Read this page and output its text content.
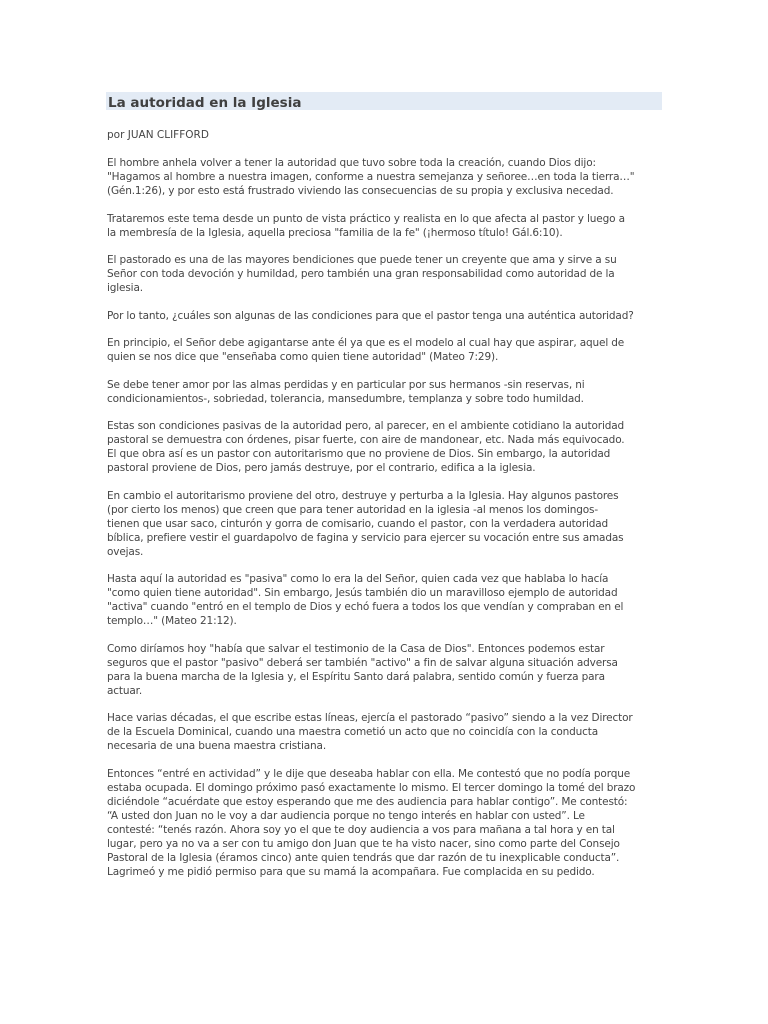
La autoridad en la Iglesia
por JUAN CLIFFORD
El hombre anhela volver a tener la autoridad que tuvo sobre toda la creación, cuando Dios dijo:
"Hagamos al hombre a nuestra imagen, conforme a nuestra semejanza y señoree…en toda la tierra…"
(Gén.1:26), y por esto está frustrado viviendo las consecuencias de su propia y exclusiva necedad.
Trataremos este tema desde un punto de vista práctico y realista en lo que afecta al pastor y luego a
la membresía de la Iglesia, aquella preciosa "familia de la fe" (¡hermoso título! Gál.6:10).
El pastorado es una de las mayores bendiciones que puede tener un creyente que ama y sirve a su
Señor con toda devoción y humildad, pero también una gran responsabilidad como autoridad de la
iglesia.
Por lo tanto, ¿cuáles son algunas de las condiciones para que el pastor tenga una auténtica autoridad?
En principio, el Señor debe agigantarse ante él ya que es el modelo al cual hay que aspirar, aquel de
quien se nos dice que "enseñaba como quien tiene autoridad" (Mateo 7:29).
Se debe tener amor por las almas perdidas y en particular por sus hermanos -sin reservas, ni
condicionamientos-, sobriedad, tolerancia, mansedumbre, templanza y sobre todo humildad.
Estas son condiciones pasivas de la autoridad pero, al parecer, en el ambiente cotidiano la autoridad
pastoral se demuestra con órdenes, pisar fuerte, con aire de mandonear, etc. Nada más equivocado.
El que obra así es un pastor con autoritarismo que no proviene de Dios. Sin embargo, la autoridad
pastoral proviene de Dios, pero jamás destruye, por el contrario, edifica a la iglesia.
En cambio el autoritarismo proviene del otro, destruye y perturba a la Iglesia. Hay algunos pastores
(por cierto los menos) que creen que para tener autoridad en la iglesia -al menos los domingos-
tienen que usar saco, cinturón y gorra de comisario, cuando el pastor, con la verdadera autoridad
bíblica, prefiere vestir el guardapolvo de fagina y servicio para ejercer su vocación entre sus amadas
ovejas.
Hasta aquí la autoridad es "pasiva" como lo era la del Señor, quien cada vez que hablaba lo hacía
"como quien tiene autoridad". Sin embargo, Jesús también dio un maravilloso ejemplo de autoridad
"activa" cuando "entró en el templo de Dios y echó fuera a todos los que vendían y compraban en el
templo…" (Mateo 21:12).
Como diríamos hoy "había que salvar el testimonio de la Casa de Dios". Entonces podemos estar
seguros que el pastor "pasivo" deberá ser también "activo" a fin de salvar alguna situación adversa
para la buena marcha de la Iglesia y, el Espíritu Santo dará palabra, sentido común y fuerza para
actuar.
Hace varias décadas, el que escribe estas líneas, ejercía el pastorado “pasivo” siendo a la vez Director
de la Escuela Dominical, cuando una maestra cometió un acto que no coincidía con la conducta
necesaria de una buena maestra cristiana.
Entonces “entré en actividad” y le dije que deseaba hablar con ella. Me contestó que no podía porque
estaba ocupada. El domingo próximo pasó exactamente lo mismo. El tercer domingo la tomé del brazo
diciéndole “acuérdate que estoy esperando que me des audiencia para hablar contigo”. Me contestó:
“A usted don Juan no le voy a dar audiencia porque no tengo interés en hablar con usted”. Le
contesté: “tenés razón. Ahora soy yo el que te doy audiencia a vos para mañana a tal hora y en tal
lugar, pero ya no va a ser con tu amigo don Juan que te ha visto nacer, sino como parte del Consejo
Pastoral de la Iglesia (éramos cinco) ante quien tendrás que dar razón de tu inexplicable conducta”.
Lagrimeó y me pidió permiso para que su mamá la acompañara. Fue complacida en su pedido.
